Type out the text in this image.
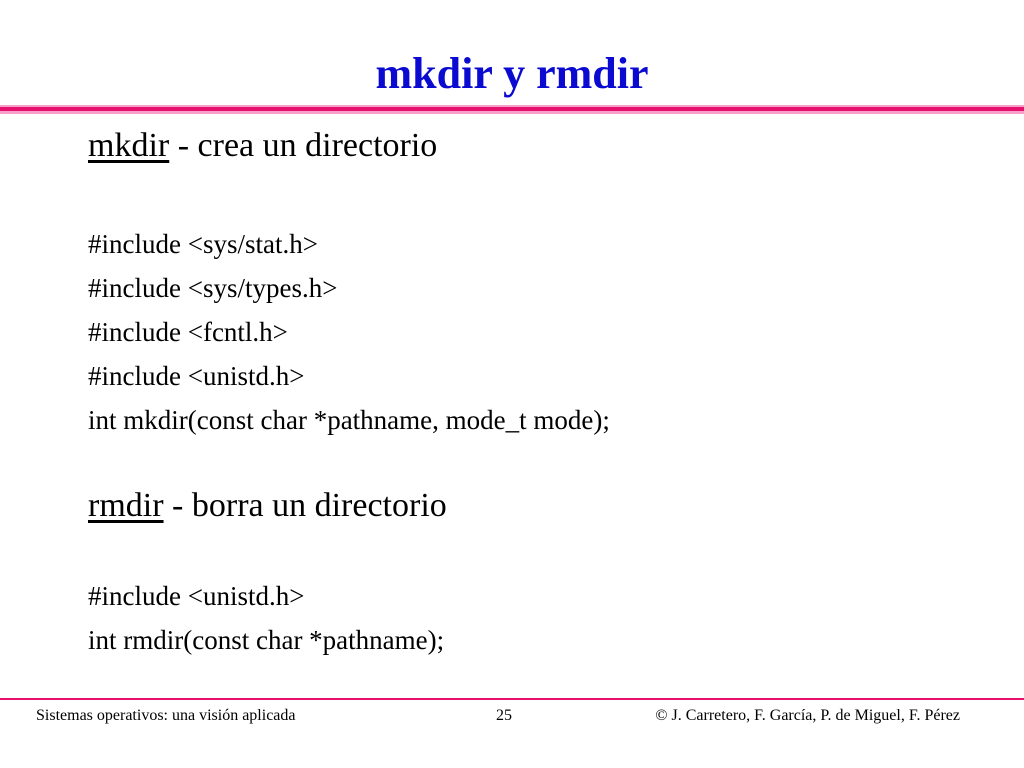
mkdir y rmdir
mkdir - crea un directorio
#include <sys/stat.h>
#include <sys/types.h>
#include <fcntl.h>
#include <unistd.h>
int mkdir(const char *pathname, mode_t mode);
rmdir - borra un directorio
#include <unistd.h>
int rmdir(const char *pathname);
Sistemas operativos: una visión aplicada	25	© J. Carretero, F. García, P. de Miguel, F. Pérez
